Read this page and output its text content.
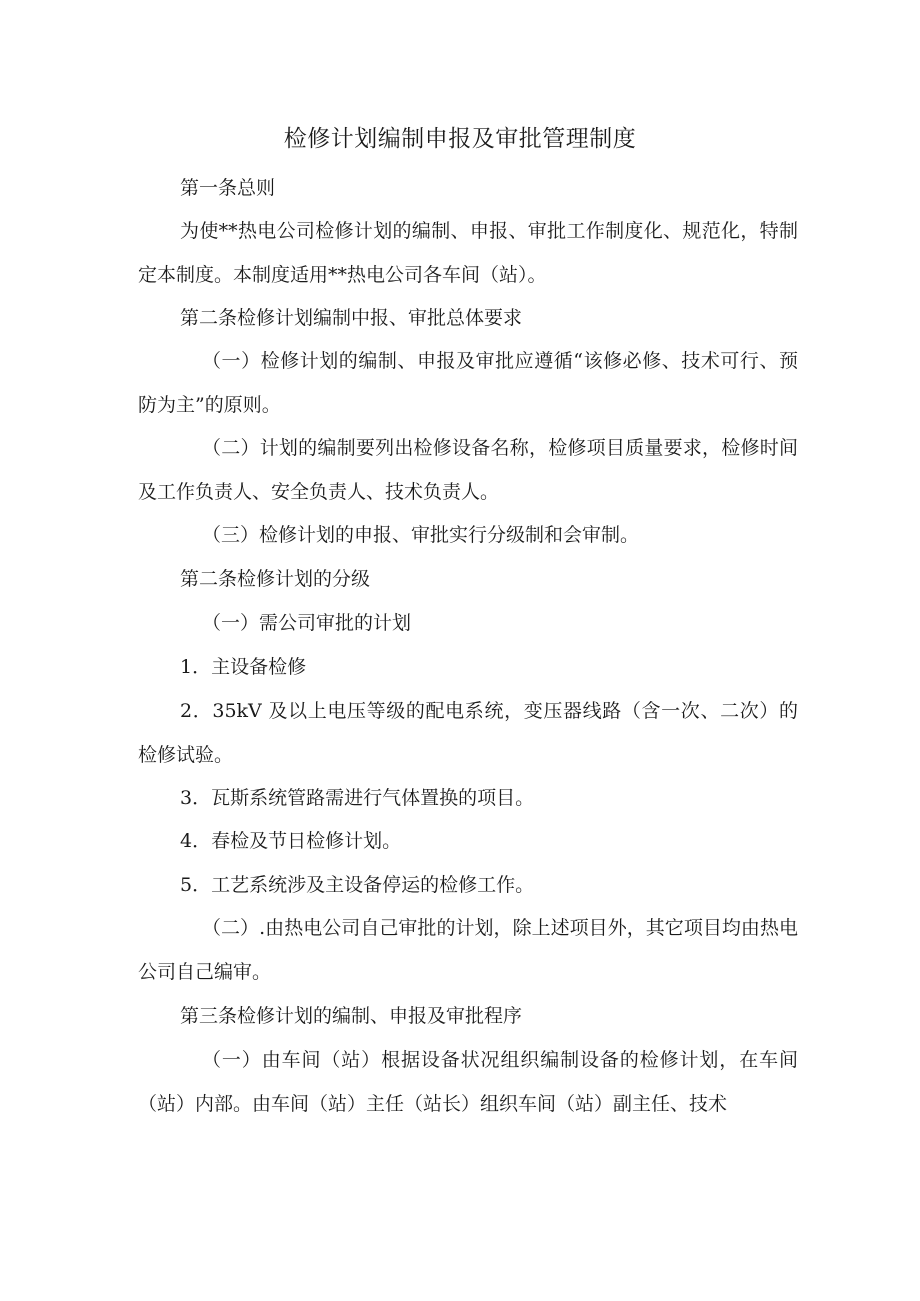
检修计划编制申报及审批管理制度

第一条总则

为使**热电公司检修计划的编制、申报、审批工作制度化、规范化，特制定本制度。本制度适用**热电公司各车间（站）。

第二条检修计划编制中报、审批总体要求

（一）检修计划的编制、申报及审批应遵循“该修必修、技术可行、预防为主”的原则。

（二）计划的编制要列出检修设备名称，检修项目质量要求，检修时间及工作负责人、安全负责人、技术负责人。

（三）检修计划的申报、审批实行分级制和会审制。

第二条检修计划的分级

（一）需公司审批的计划

1．主设备检修

2．35kV 及以上电压等级的配电系统，变压器线路（含一次、二次）的检修试验。

3．瓦斯系统管路需进行气体置换的项目。

4．春检及节日检修计划。

5．工艺系统涉及主设备停运的检修工作。

（二）.由热电公司自己审批的计划，除上述项目外，其它项目均由热电公司自己编审。

第三条检修计划的编制、申报及审批程序

（一）由车间（站）根据设备状况组织编制设备的检修计划，在车间（站）内部。由车间（站）主任（站长）组织车间（站）副主任、技术
